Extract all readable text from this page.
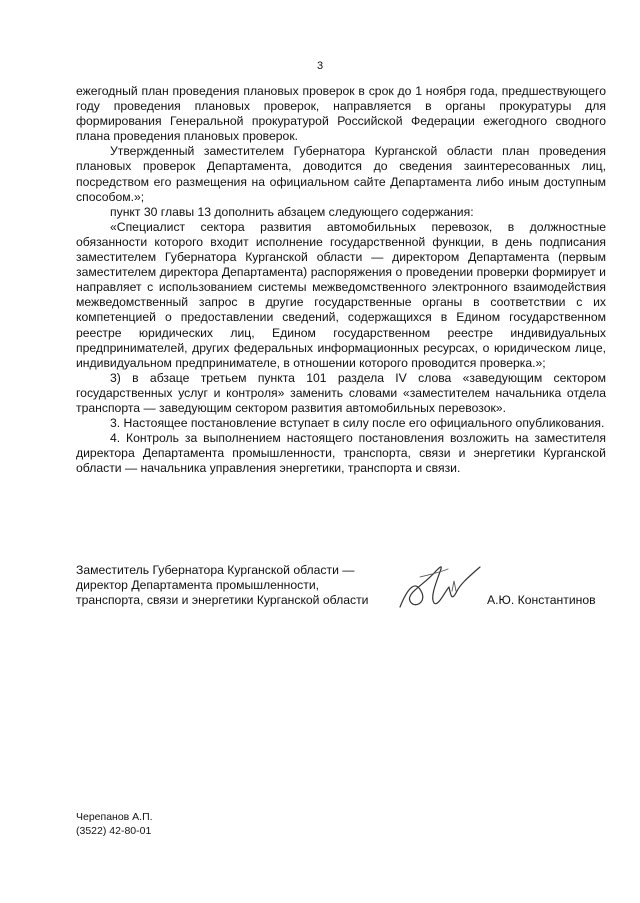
3

ежегодный план проведения плановых проверок в срок до 1 ноября года, предшествующего году проведения плановых проверок, направляется в органы прокуратуры для формирования Генеральной прокуратурой Российской Федерации ежегодного сводного плана проведения плановых проверок.

Утвержденный заместителем Губернатора Курганской области план проведения плановых проверок Департамента, доводится до сведения заинтересованных лиц, посредством его размещения на официальном сайте Департамента либо иным доступным способом.»;

пункт 30 главы 13 дополнить абзацем следующего содержания:

«Специалист сектора развития автомобильных перевозок, в должностные обязанности которого входит исполнение государственной функции, в день подписания заместителем Губернатора Курганской области — директором Департамента (первым заместителем директора Департамента) распоряжения о проведении проверки формирует и направляет с использованием системы межведомственного электронного взаимодействия межведомственный запрос в другие государственные органы в соответствии с их компетенцией о предоставлении сведений, содержащихся в Едином государственном реестре юридических лиц, Едином государственном реестре индивидуальных предпринимателей, других федеральных информационных ресурсах, о юридическом лице, индивидуальном предпринимателе, в отношении которого проводится проверка.»;

3) в абзаце третьем пункта 101 раздела IV слова «заведующим сектором государственных услуг и контроля» заменить словами «заместителем начальника отдела транспорта — заведующим сектором развития автомобильных перевозок».

3. Настоящее постановление вступает в силу после его официального опубликования.

4. Контроль за выполнением настоящего постановления возложить на заместителя директора Департамента промышленности, транспорта, связи и энергетики Курганской области — начальника управления энергетики, транспорта и связи.

Заместитель Губернатора Курганской области —
директор Департамента промышленности,
транспорта, связи и энергетики Курганской области	А.Ю. Константинов
Черепанов А.П.
(3522) 42-80-01
